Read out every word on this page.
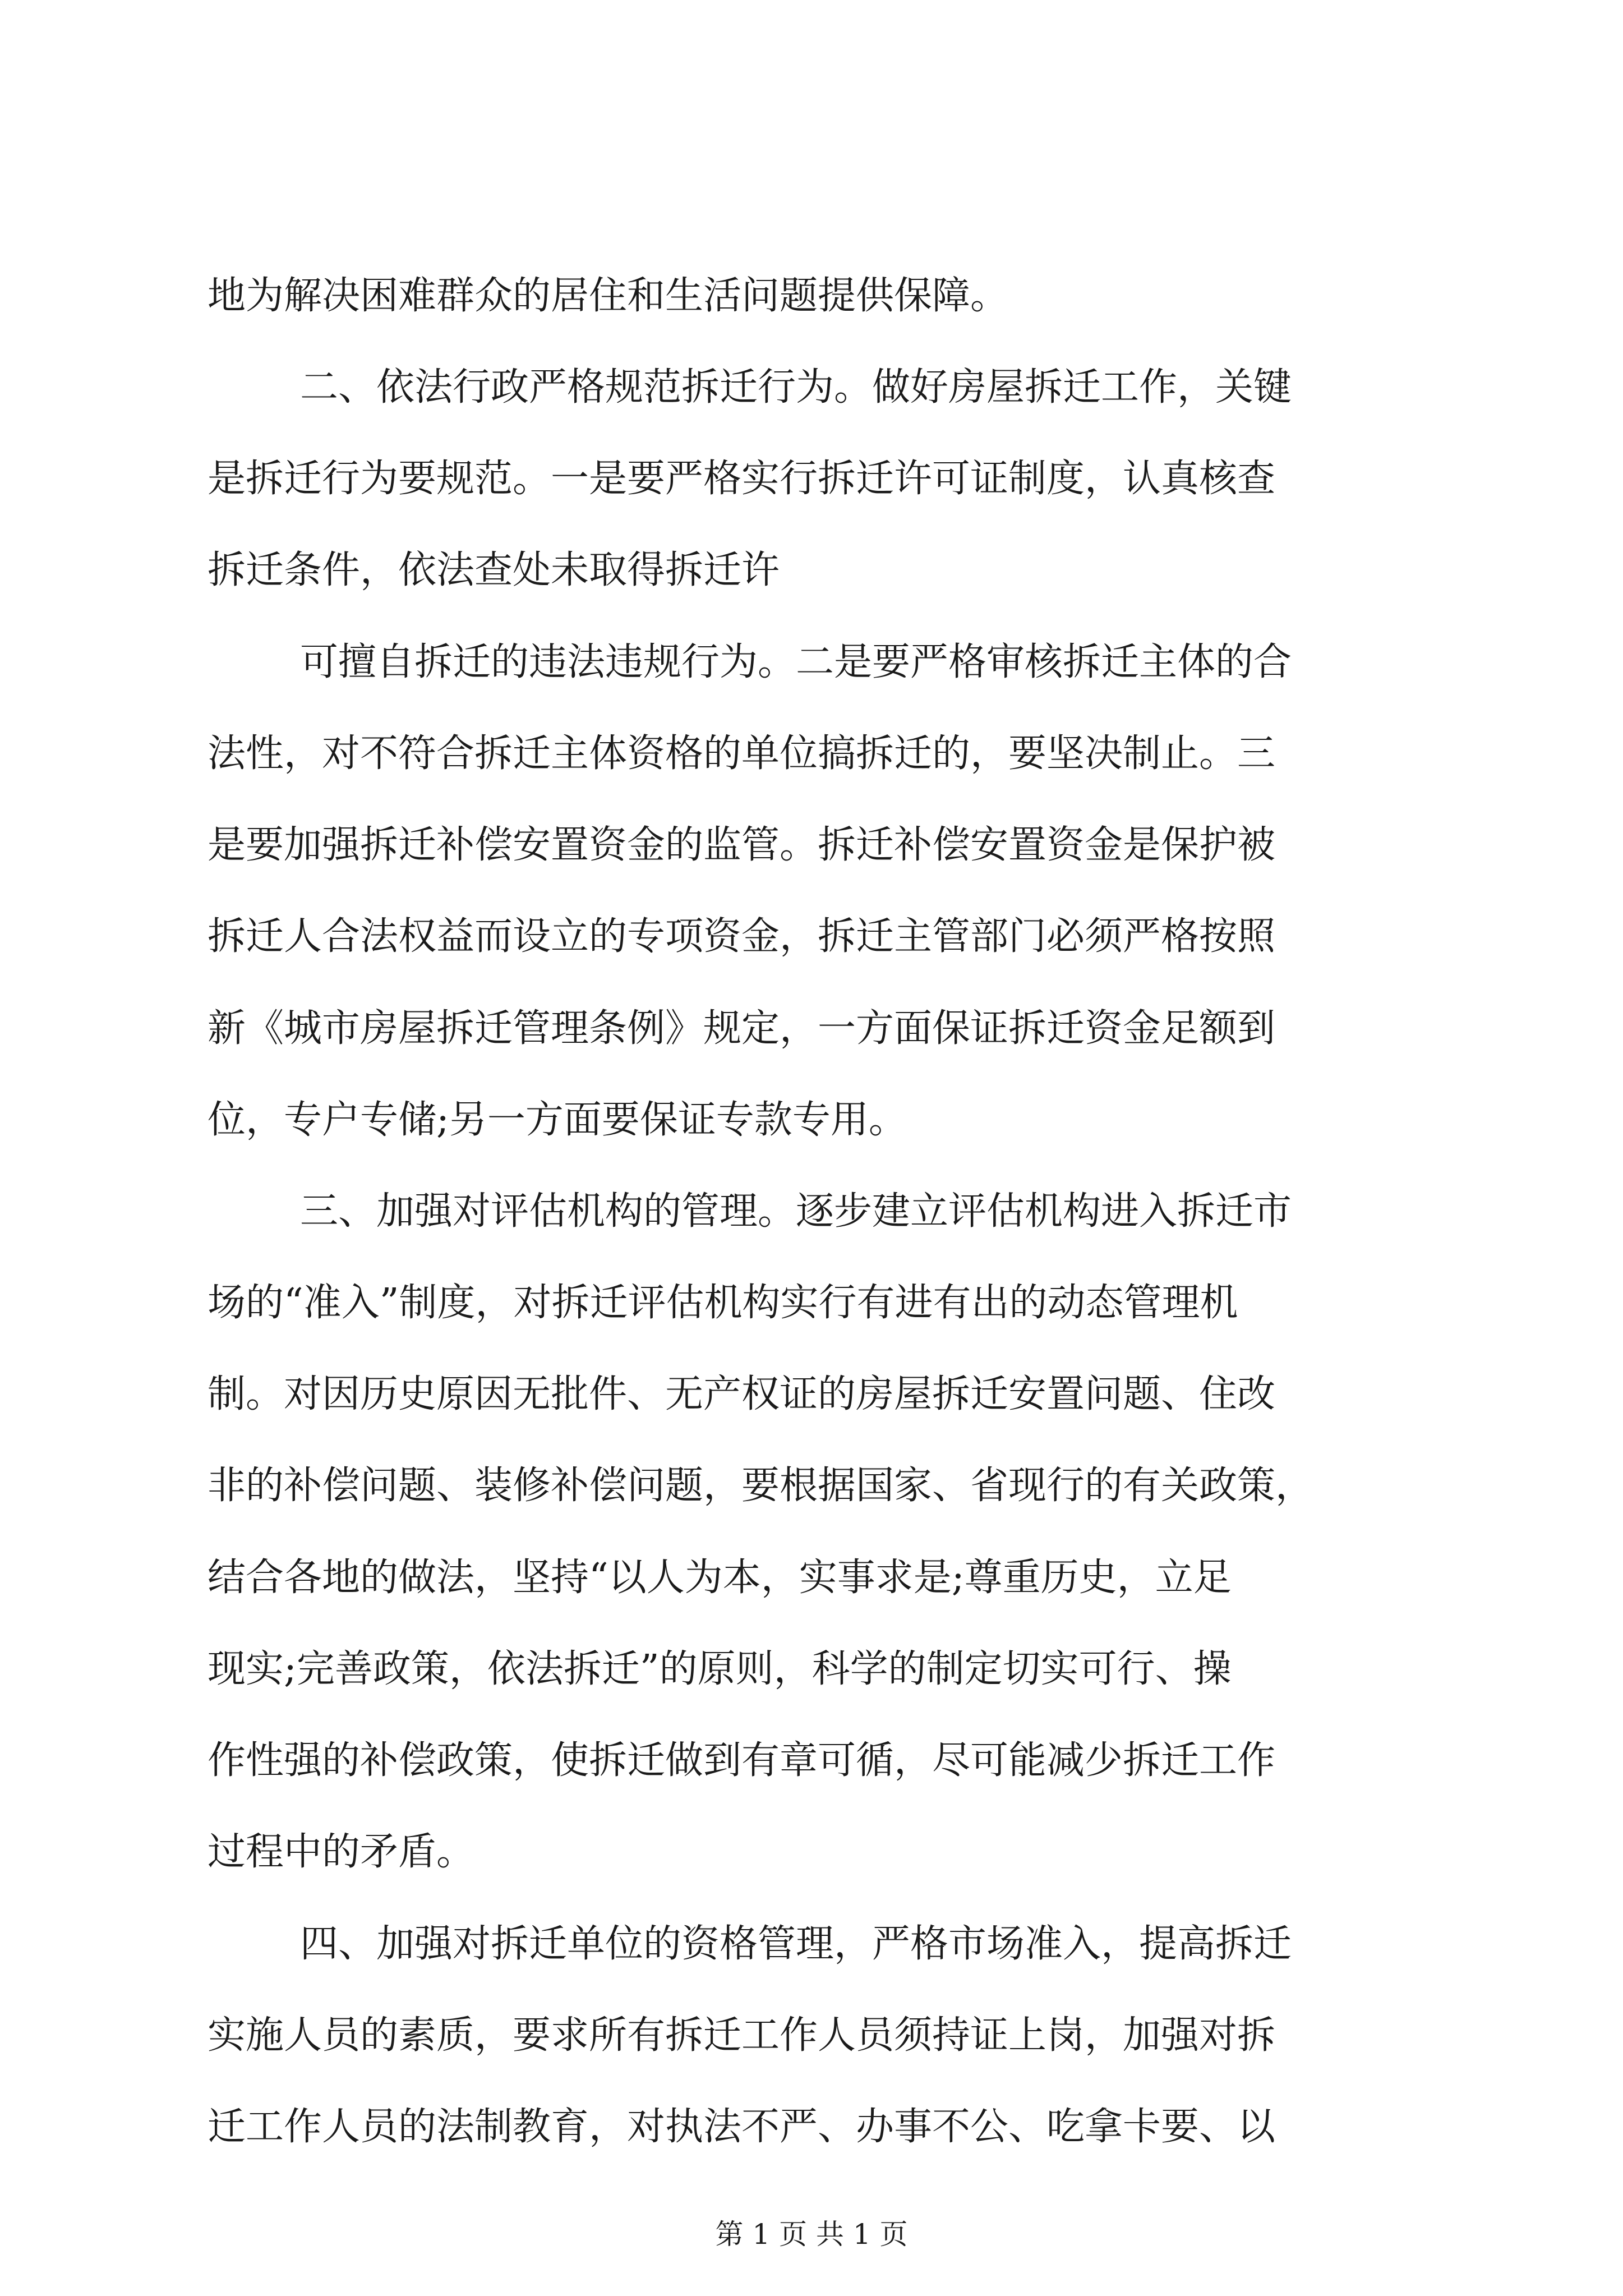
地为解决困难群众的居住和生活问题提供保障。
二、依法行政严格规范拆迁行为。做好房屋拆迁工作，关键
是拆迁行为要规范。一是要严格实行拆迁许可证制度，认真核查
拆迁条件，依法查处未取得拆迁许
可擅自拆迁的违法违规行为。二是要严格审核拆迁主体的合
法性，对不符合拆迁主体资格的单位搞拆迁的，要坚决制止。三
是要加强拆迁补偿安置资金的监管。拆迁补偿安置资金是保护被
拆迁人合法权益而设立的专项资金，拆迁主管部门必须严格按照
新《城市房屋拆迁管理条例》规定，一方面保证拆迁资金足额到
位，专户专储;另一方面要保证专款专用。
三、加强对评估机构的管理。逐步建立评估机构进入拆迁市
场的“准入”制度，对拆迁评估机构实行有进有出的动态管理机
制。对因历史原因无批件、无产权证的房屋拆迁安置问题、住改
非的补偿问题、装修补偿问题，要根据国家、省现行的有关政策，
结合各地的做法，坚持“以人为本，实事求是;尊重历史，立足
现实;完善政策，依法拆迁”的原则，科学的制定切实可行、操
作性强的补偿政策，使拆迁做到有章可循，尽可能减少拆迁工作
过程中的矛盾。
四、加强对拆迁单位的资格管理，严格市场准入，提高拆迁
实施人员的素质，要求所有拆迁工作人员须持证上岗，加强对拆
迁工作人员的法制教育，对执法不严、办事不公、吃拿卡要、以
第 1 页 共 1 页
